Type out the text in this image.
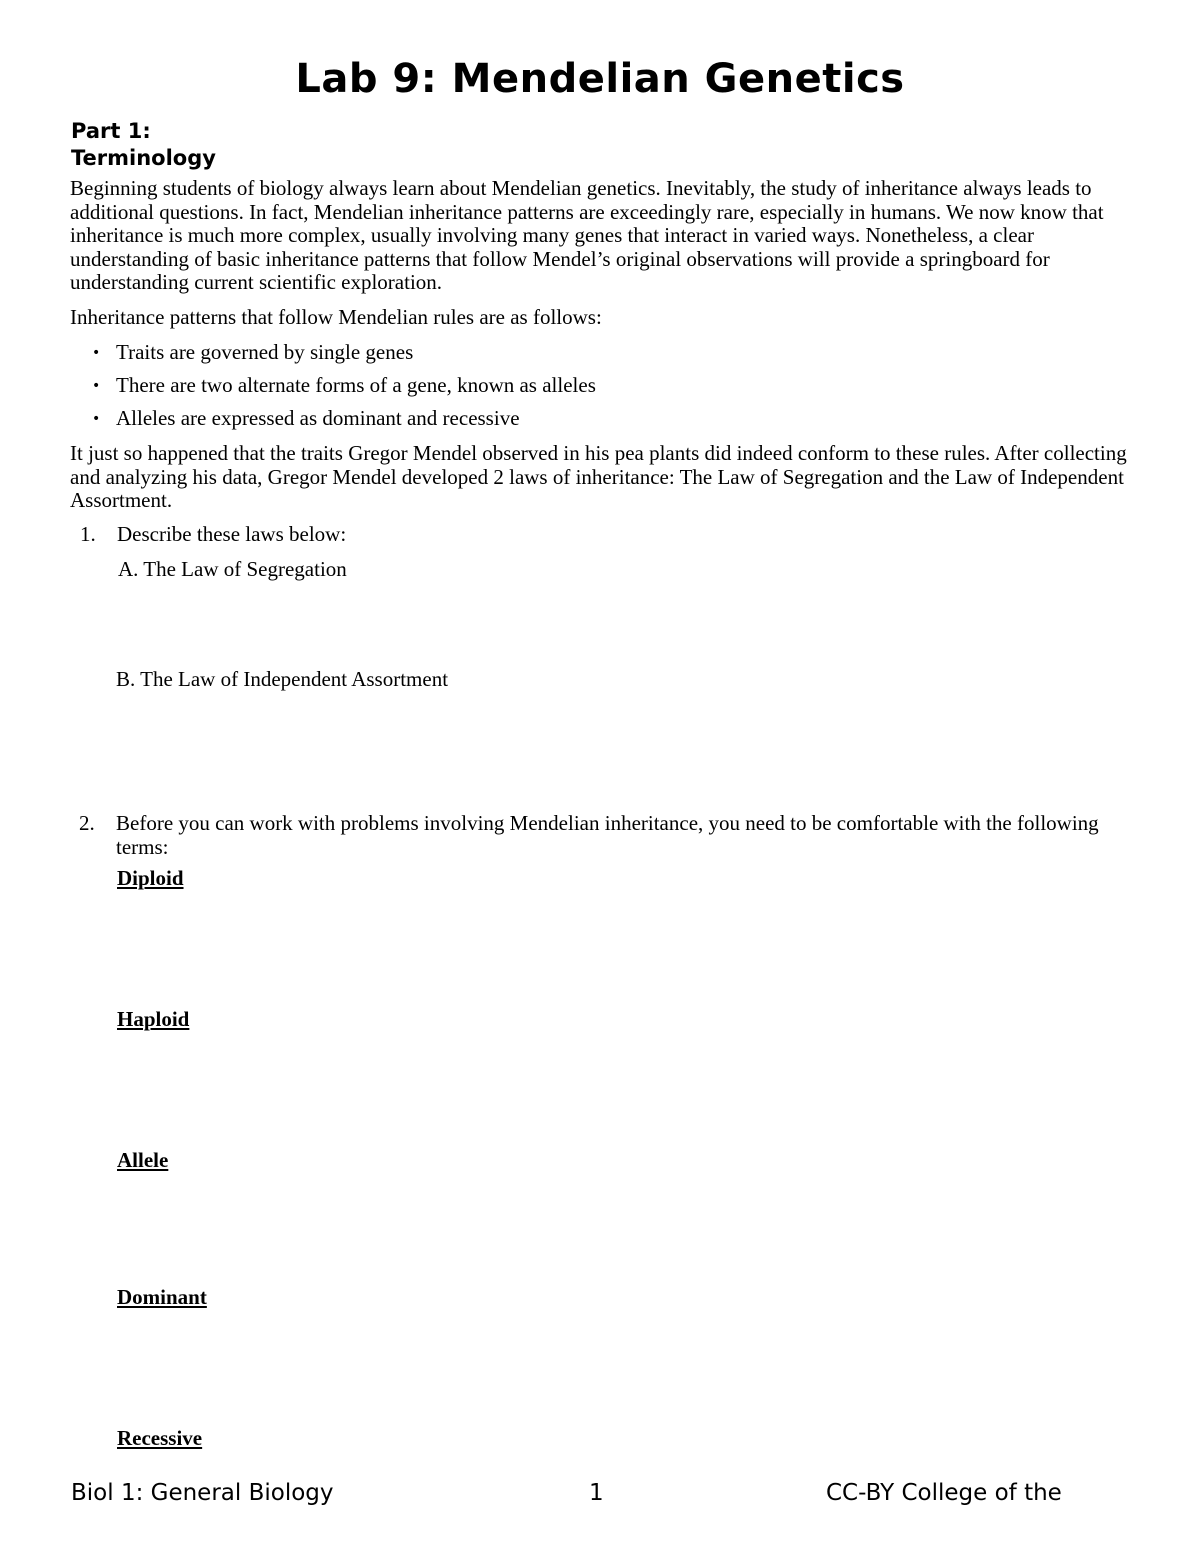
Lab 9: Mendelian Genetics
Part 1:
Terminology

Beginning students of biology always learn about Mendelian genetics. Inevitably, the study of inheritance always leads to additional questions. In fact, Mendelian inheritance patterns are exceedingly rare, especially in humans. We now know that inheritance is much more complex, usually involving many genes that interact in varied ways. Nonetheless, a clear understanding of basic inheritance patterns that follow Mendel’s original observations will provide a springboard for understanding current scientific exploration.

Inheritance patterns that follow Mendelian rules are as follows:

• Traits are governed by single genes
• There are two alternate forms of a gene, known as alleles
• Alleles are expressed as dominant and recessive

It just so happened that the traits Gregor Mendel observed in his pea plants did indeed conform to these rules. After collecting and analyzing his data, Gregor Mendel developed 2 laws of inheritance: The Law of Segregation and the Law of Independent Assortment.

1. Describe these laws below:
A. The Law of Segregation
B. The Law of Independent Assortment
2. Before you can work with problems involving Mendelian inheritance, you need to be comfortable with the following terms:
Diploid
Haploid
Allele
Dominant
Recessive
Biol 1: General Biology	1	CC-BY College of the
